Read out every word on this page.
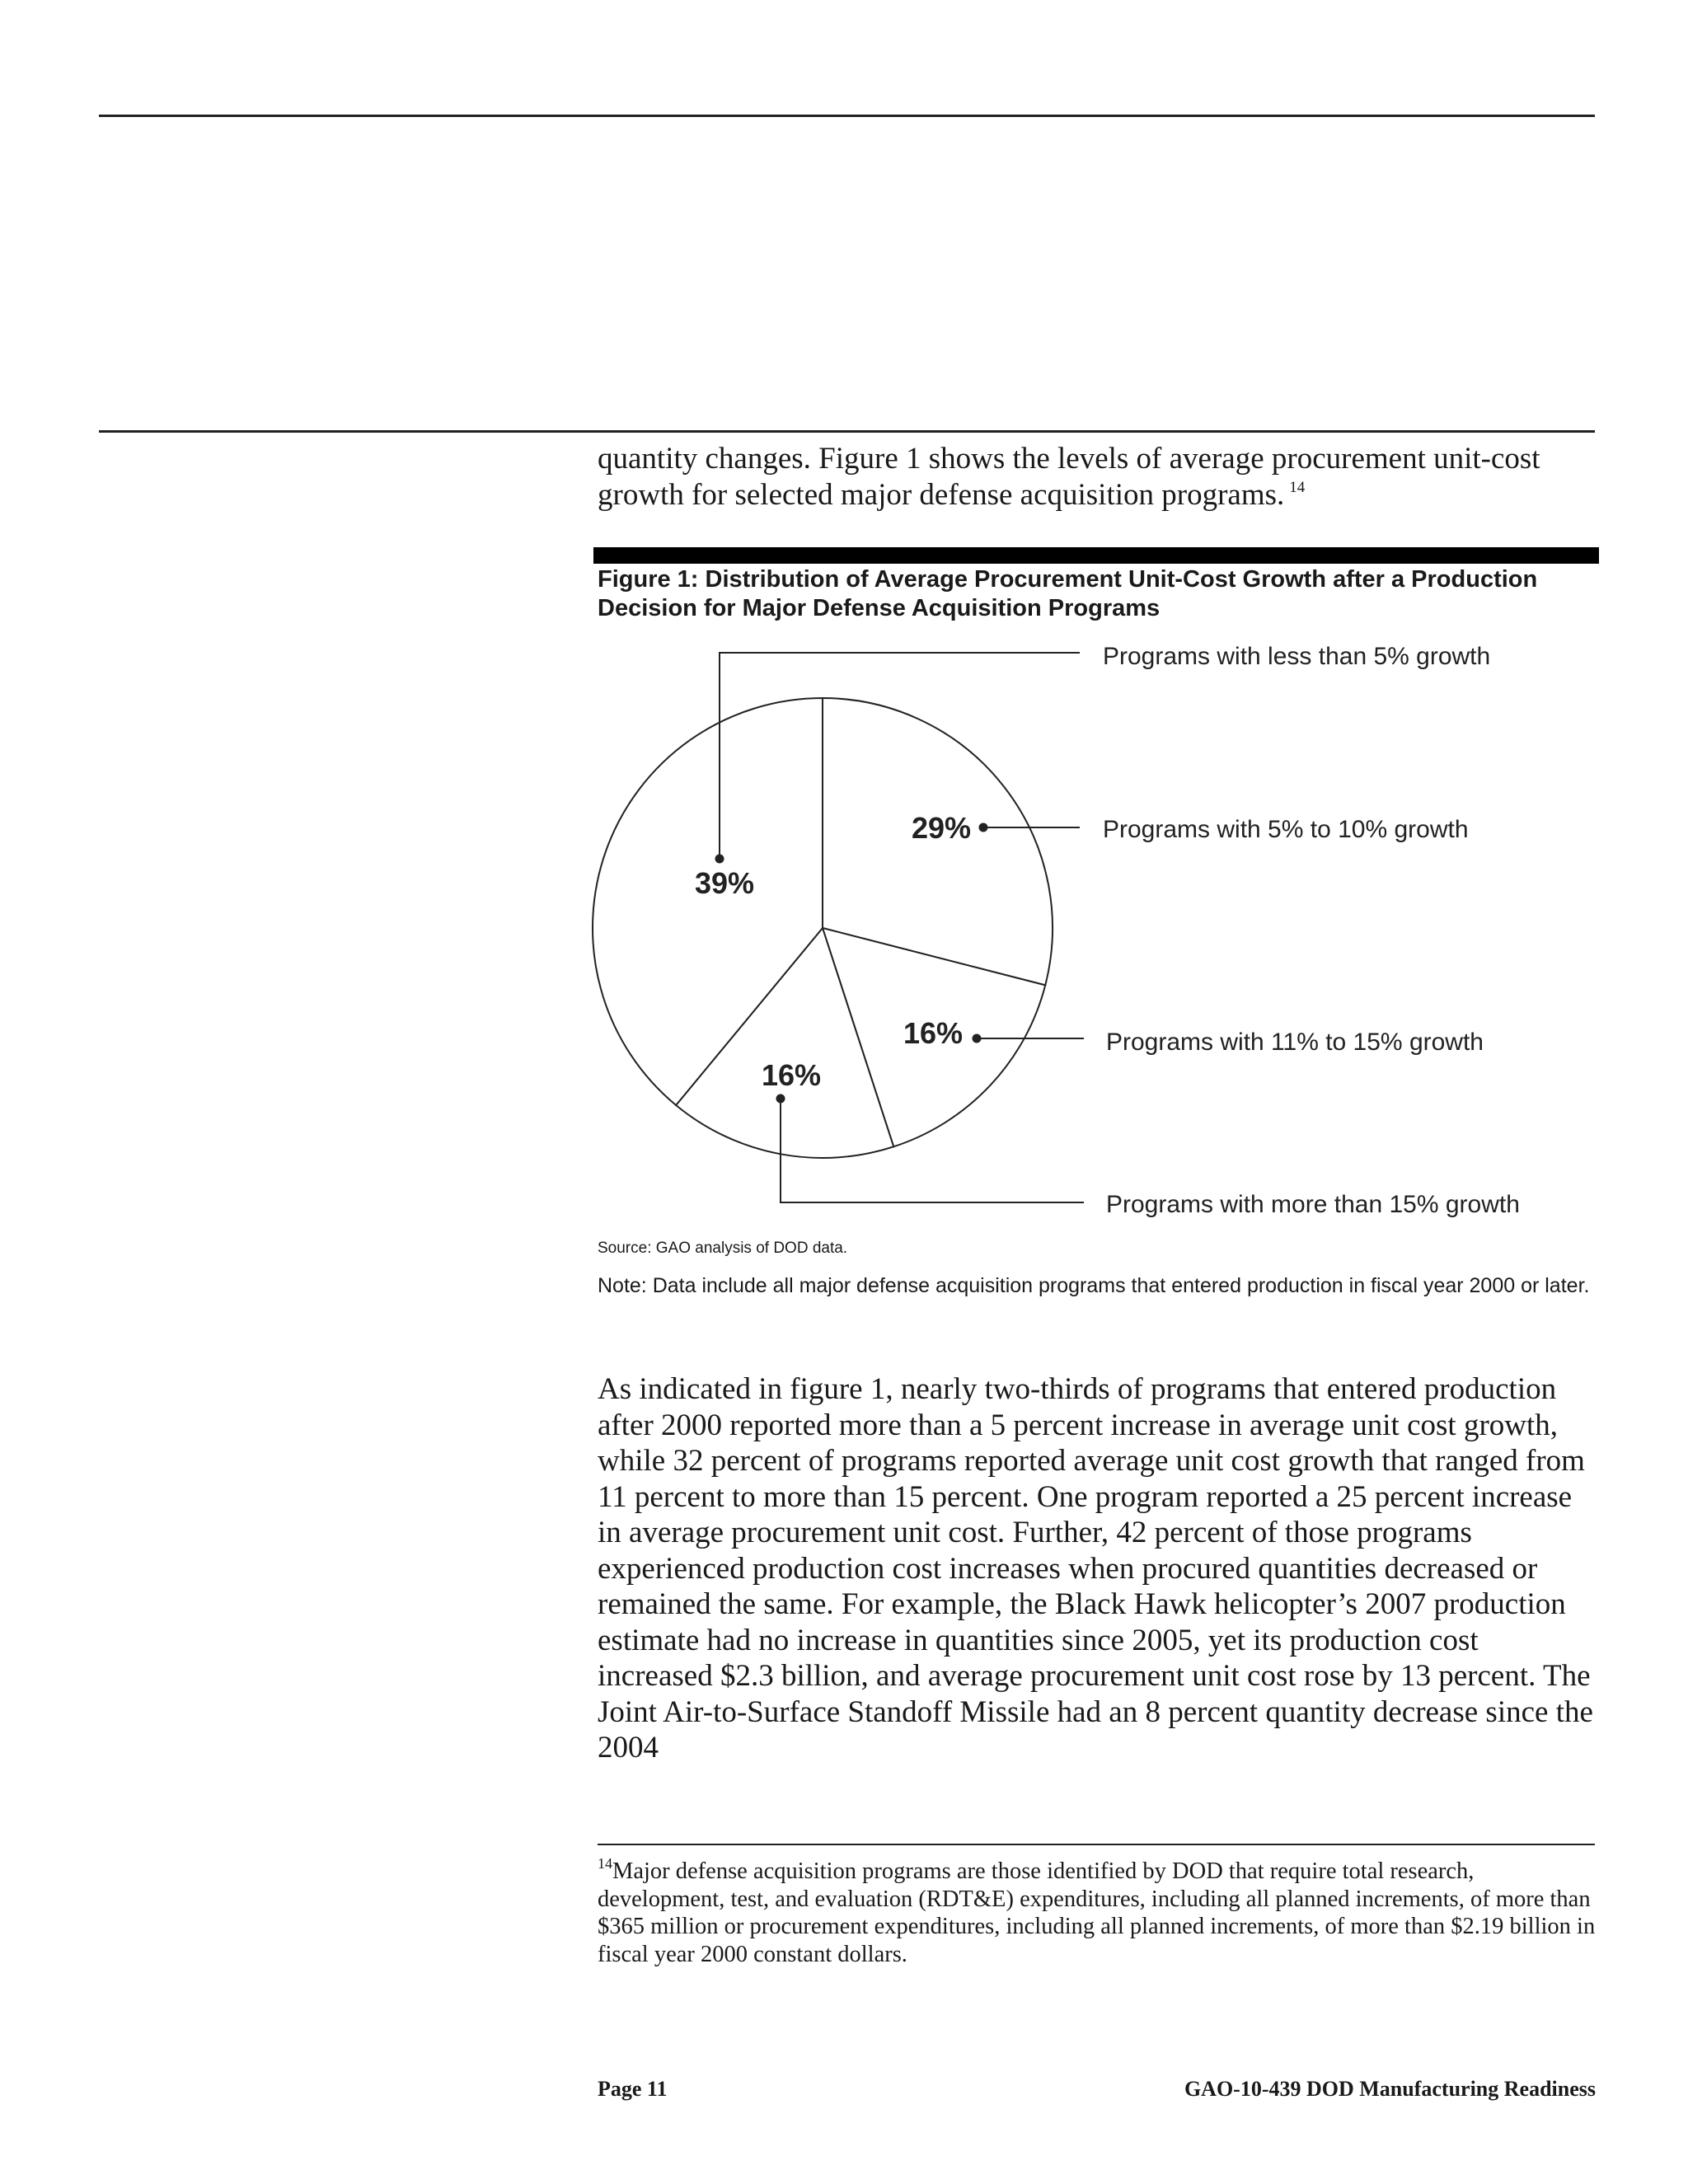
quantity changes. Figure 1 shows the levels of average procurement unit-cost growth for selected major defense acquisition programs. $^{14}$
Figure 1: Distribution of Average Procurement Unit-Cost Growth after a Production Decision for Major Defense Acquisition Programs
39%
29%
16%
16%
Programs with less than 5% growth
Programs with 5% to 10% growth
Programs with 11% to 15% growth
Programs with more than 15% growth
Source: GAO analysis of DOD data.
Note: Data include all major defense acquisition programs that entered production in fiscal year 2000 or later.
As indicated in figure 1, nearly two-thirds of programs that entered production after 2000 reported more than a 5 percent increase in average unit cost growth, while 32 percent of programs reported average unit cost growth that ranged from 11 percent to more than 15 percent. One program reported a 25 percent increase in average procurement unit cost. Further, 42 percent of those programs experienced production cost increases when procured quantities decreased or remained the same. For example, the Black Hawk helicopter’s 2007 production estimate had no increase in quantities since 2005, yet its production cost increased $2.3 billion, and average procurement unit cost rose by 13 percent. The Joint Air-to-Surface Standoff Missile had an 8 percent quantity decrease since the 2004
$^{14}$Major defense acquisition programs are those identified by DOD that require total research, development, test, and evaluation (RDT&E) expenditures, including all planned increments, of more than $365 million or procurement expenditures, including all planned increments, of more than $2.19 billion in fiscal year 2000 constant dollars.
Page 11	GAO-10-439 DOD Manufacturing Readiness
